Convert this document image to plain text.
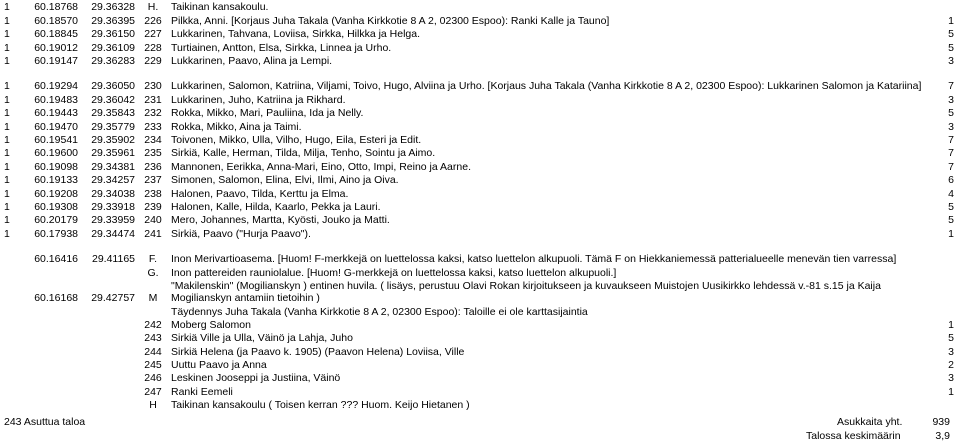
1	60.18768	29.36328	H.	Taikinan kansakoulu.	
1	60.18570	29.36395	226	Pilkka, Anni. [Korjaus Juha Takala (Vanha Kirkkotie 8 A 2, 02300 Espoo): Ranki Kalle ja Tauno]	1
1	60.18845	29.36150	227	Lukkarinen, Tahvana, Loviisa, Sirkka, Hilkka ja Helga.	5
1	60.19012	29.36109	228	Turtiainen, Antton, Elsa, Sirkka, Linnea ja Urho.	5
1	60.19147	29.36283	229	Lukkarinen, Paavo, Alina ja Lempi.	3
1	60.19294	29.36050	230	Lukkarinen, Salomon, Katriina, Viljami, Toivo, Hugo, Alviina ja Urho. [Korjaus Juha Takala (Vanha Kirkkotie 8 A 2, 02300 Espoo): Lukkarinen Salomon ja Katariina]	7
1	60.19483	29.36042	231	Lukkarinen, Juho, Katriina ja Rikhard.	3
1	60.19443	29.35843	232	Rokka, Mikko, Mari, Pauliina, Ida ja Nelly.	5
1	60.19470	29.35779	233	Rokka, Mikko, Aina ja Taimi.	3
1	60.19541	29.35902	234	Toivonen, Mikko, Ulla, Vilho, Hugo, Eila, Esteri ja Edit.	7
1	60.19600	29.35961	235	Sirkiä, Kalle, Herman, Tilda, Milja, Tenho, Sointu ja Aimo.	7
1	60.19098	29.34381	236	Mannonen, Eerikka, Anna-Mari, Eino, Otto, Impi, Reino ja Aarne.	7
1	60.19133	29.34257	237	Simonen, Salomon, Elina, Elvi, Ilmi, Aino ja Oiva.	6
1	60.19208	29.34038	238	Halonen, Paavo, Tilda, Kerttu ja Elma.	4
1	60.19308	29.33918	239	Halonen, Kalle, Hilda, Kaarlo, Pekka ja Lauri.	5
1	60.20179	29.33959	240	Mero, Johannes, Martta, Kyösti, Jouko ja Matti.	5
1	60.17938	29.34474	241	Sirkiä, Paavo ("Hurja Paavo").	1
	60.16416	29.41165	F.	Inon Merivartioasema. [Huom! F-merkkejä on luettelossa kaksi, katso luettelon alkupuoli. Tämä F on Hiekkaniemessä patterialueelle menevän tien varressa]	
			G.	Inon pattereiden rauniolalue. [Huom! G-merkkejä on luettelossa kaksi, katso luettelon alkupuoli.]	
	60.16168	29.42757	M	"Makilenskin" (Mogilianskyn ) entinen huvila. ( lisäys, perustuu Olavi Rokan kirjoitukseen ja kuvaukseen Muistojen Uusikirkko lehdessä v.-81 s.15 ja Kaija Mogilianskyn antamiin tietoihin )	
				Täydennys Juha Takala (Vanha Kirkkotie 8 A 2, 02300 Espoo): Taloille ei ole karttasijaintia	
			242	Moberg Salomon	1
			243	Sirkiä Ville ja Ulla, Väinö ja Lahja, Juho	5
			244	Sirkiä Helena (ja Paavo k. 1905) (Paavon Helena) Loviisa, Ville	3
			245	Uuttu Paavo ja Anna	2
			246	Leskinen Jooseppi ja Justiina, Väinö	3
			247	Ranki Eemeli	1
			H	Taikinan kansakoulu ( Toisen kerran ??? Huom. Keijo Hietanen )	
243 Asuttua taloa	Asukkaita yht.	939
Talossa keskimäärin	3,9
